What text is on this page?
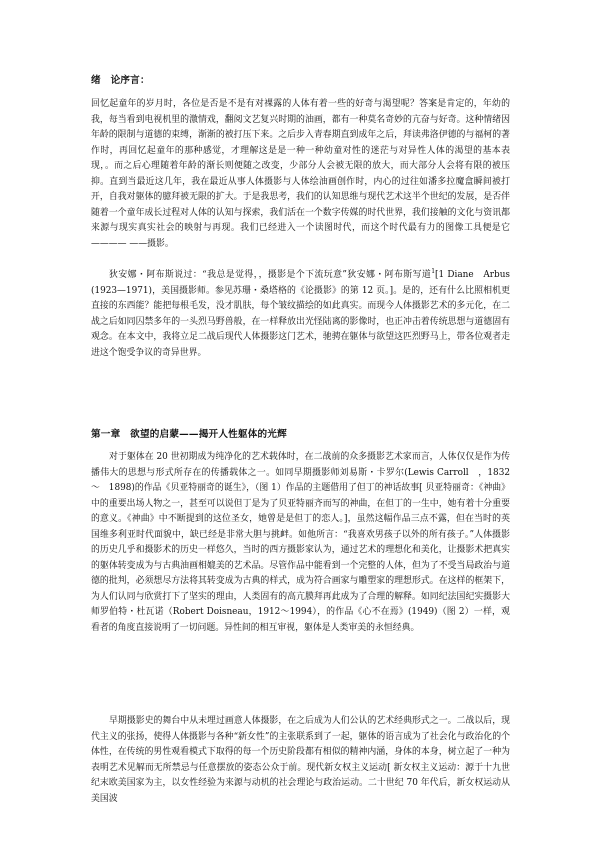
绪　论序言：

回忆起童年的岁月时，各位是否是不是有对裸露的人体有着一些的好奇与渴望呢？答案是肯定的，年幼的我，每当看到电视机里的激情戏，翻阅文艺复兴时期的油画，都有一种莫名奇妙的亢奋与好奇。这种情绪因年龄的限制与道德的束缚，渐渐的被打压下来。之后步入青春期直到成年之后，拜读弗洛伊德的与福柯的著作时，再回忆起童年的那种感觉，才理解这是是一种一种幼童对性的迷茫与对异性人体的渴望的基本表现，。而之后心理随着年龄的渐长则便随之改变，少部分人会被无限的放大，而大部分人会将有限的被压抑。直到当最近这几年，我在最近从事人体摄影与人体绘油画创作时，内心的过往如潘多拉魔盒瞬间被打开，自我对躯体的臆拜被无限的扩大。于是我思考，我们的认知思维与现代艺术这半个世纪的发展，是否伴随着一个童年成长过程对人体的认知与探索，我们活在一个数字传媒的时代世界，我们接触的文化与资讯都来源与现实真实社会的映射与再现。我们已经进入一个读图时代，而这个时代最有力的图像工具便是它———— ——摄影。

狄安娜・阿布斯说过：“我总是觉得，，摄影是个下流玩意”狄安娜・阿布斯写道$^1$[1 Diane　Arbus　(1923—1971)，美国摄影师。参见苏珊・桑塔格的《论摄影》的第 12 页。]。是的，还有什么比照相机更直接的东西能？能把每根毛发，没才肌肤，每个皱纹描绘的如此真实。而现今人体摄影艺术的多元化，在二战之后如同囚禁多年的一头烈马野兽般，在一样释放出光怪陆离的影像时，也正冲击着传统思想与道德固有观念。在本文中，我将立足二战后现代人体摄影这门艺术，驰骋在躯体与欲望这匹烈野马上，带各位观者走进这个饱受争议的奇异世界。

第一章　欲望的启蒙——揭开人性躯体的光辉

对于躯体在 20 世初期成为纯净化的艺术载体时，在二战前的众多摄影艺术家而言，人体仅仅是作为传播伟大的思想与形式所存在的传播载体之一。如同早期摄影师刘易斯・卡罗尔(Lewis Carroll　，1832　～　1898)的作品《贝亚特丽奇的诞生》，（图 1）作品的主题借用了但丁的神话故事[ 贝亚特丽奇：《神曲》中的重要出场人物之一，甚至可以说但丁是为了贝亚特丽齐而写的神曲，在但丁的一生中，她有着十分重要的意义。《神曲》中不断提到的这位圣女，她曾是是但丁的恋人。]，虽然这幅作品三点不露，但在当时的英国维多利亚时代面貌中，缺已经是非常大胆与挑衅。如他所言：“我喜欢男孩子以外的所有孩子。”人体摄影的历史几乎和摄影术的历史一样悠久，当时的西方摄影家认为，通过艺术的理想化和美化，让摄影术把真实的躯体转变成为与古典油画相媲美的艺术品。尽管作品中能看到一个完整的人体，但为了不受当局政治与道德的批判，必须想尽方法将其转变成为古典的样式，成为符合画家与雕塑家的理想形式。在这样的框架下，为人们认同与欣赏打下了坚实的理由，人类固有的高亢膜拜再此成为了合理的解释。如同纪法国纪实摄影大师罗伯特・杜瓦诺（Robert Doisneau，1912～1994），的作品《心不在焉》(1949)（图 2）一样，观看者的角度直接说明了一切问题。异性间的相互审视，躯体是人类审美的永恒经典。

早期摄影史的舞台中从未埋过画意人体摄影，在之后成为人们公认的艺术经典形式之一。二战以后，现代主义的张扬，使得人体摄影与各种“新女性”的主张联系到了一起，躯体的语言成为了社会化与政治化的个体性，在传统的男性观看模式下取得的每一个历史阶段都有相似的精神内涵，身体的本身，树立起了一种为表明艺术见解而无所禁忌与任意摆放的姿态公众于前。现代新女权主义运动[ 新女权主义运动：源于十九世纪末欧美国家为主，以女性经验为来源与动机的社会理论与政治运动。二十世纪 70 年代后，新女权运动从美国波
